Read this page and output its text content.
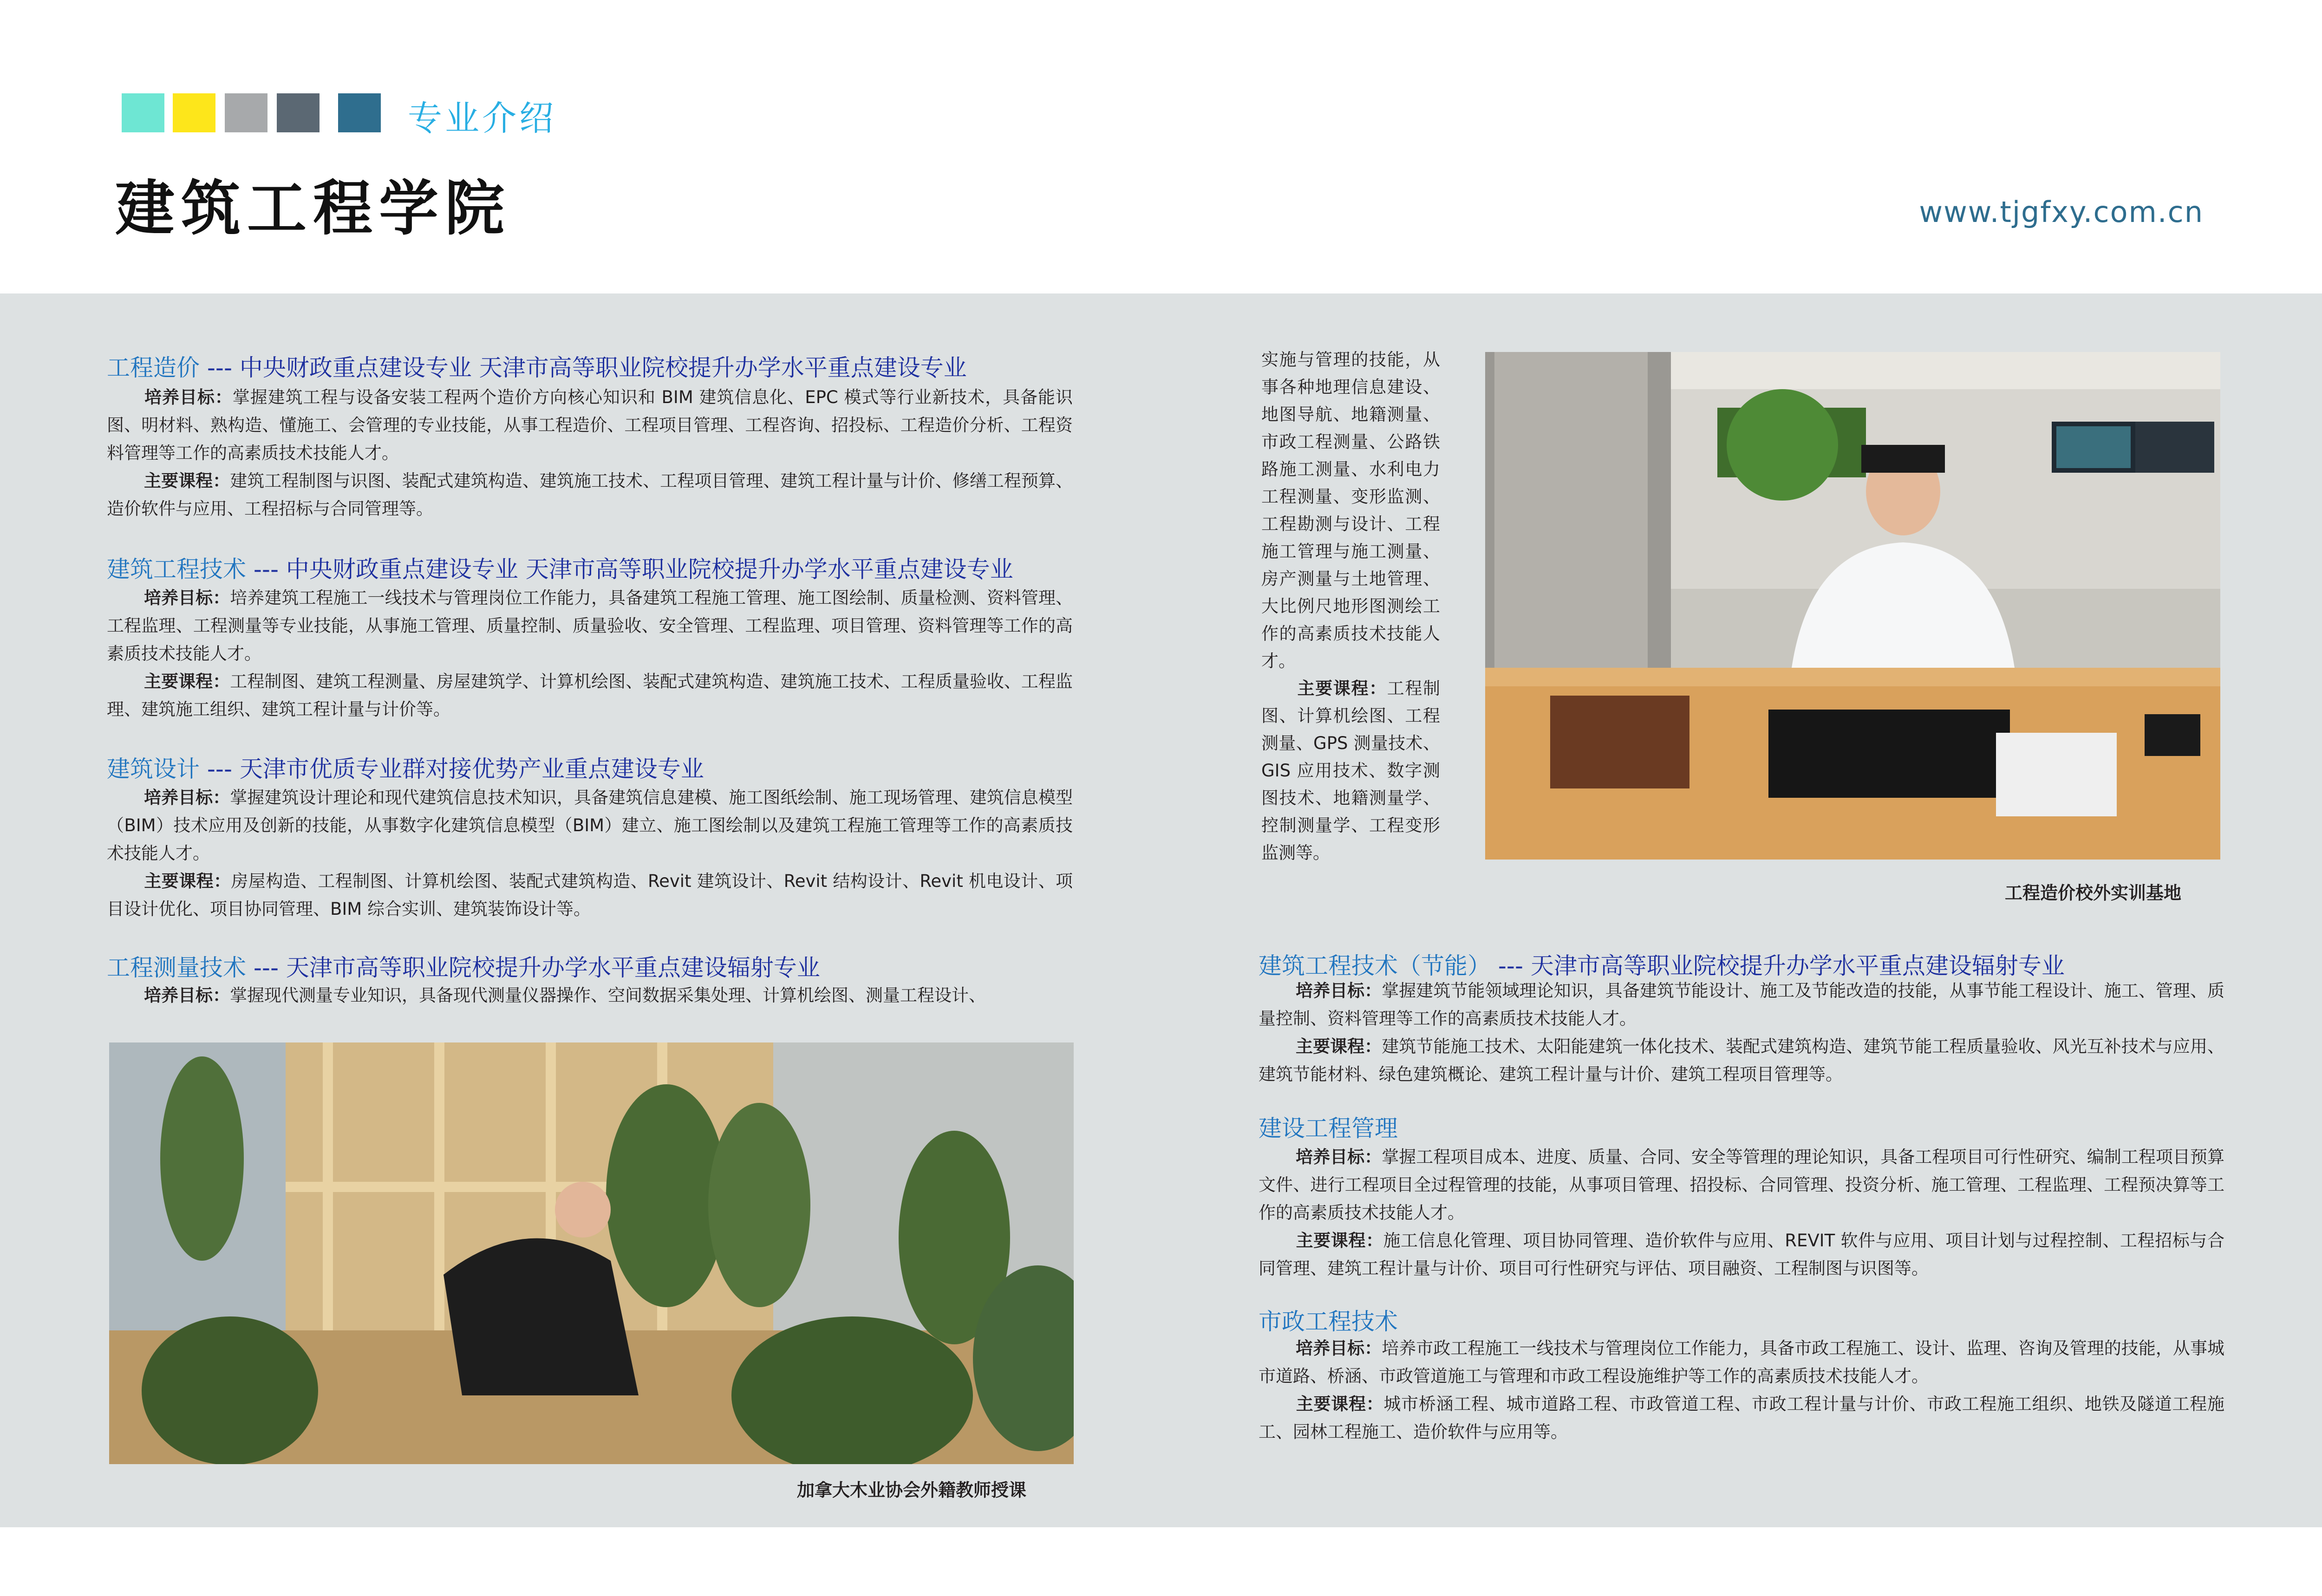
专业介绍
建筑工程学院	www.tjgfxy.com.cn
工程造价 --- 中央财政重点建设专业 天津市高等职业院校提升办学水平重点建设专业
培养目标：掌握建筑工程与设备安装工程两个造价方向核心知识和 BIM 建筑信息化、EPC 模式等行业新技术，具备能识图、明材料、熟构造、懂施工、会管理的专业技能，从事工程造价、工程项目管理、工程咨询、招投标、工程造价分析、工程资料管理等工作的高素质技术技能人才。
主要课程：建筑工程制图与识图、装配式建筑构造、建筑施工技术、工程项目管理、建筑工程计量与计价、修缮工程预算、造价软件与应用、工程招标与合同管理等。
建筑工程技术 --- 中央财政重点建设专业 天津市高等职业院校提升办学水平重点建设专业
培养目标：培养建筑工程施工一线技术与管理岗位工作能力，具备建筑工程施工管理、施工图绘制、质量检测、资料管理、工程监理、工程测量等专业技能，从事施工管理、质量控制、质量验收、安全管理、工程监理、项目管理、资料管理等工作的高素质技术技能人才。
主要课程：工程制图、建筑工程测量、房屋建筑学、计算机绘图、装配式建筑构造、建筑施工技术、工程质量验收、工程监理、建筑施工组织、建筑工程计量与计价等。
建筑设计 --- 天津市优质专业群对接优势产业重点建设专业
培养目标：掌握建筑设计理论和现代建筑信息技术知识，具备建筑信息建模、施工图纸绘制、施工现场管理、建筑信息模型（BIM）技术应用及创新的技能，从事数字化建筑信息模型（BIM）建立、施工图绘制以及建筑工程施工管理等工作的高素质技术技能人才。
主要课程：房屋构造、工程制图、计算机绘图、装配式建筑构造、Revit 建筑设计、Revit 结构设计、Revit 机电设计、项目设计优化、项目协同管理、BIM 综合实训、建筑装饰设计等。
工程测量技术 --- 天津市高等职业院校提升办学水平重点建设辐射专业
培养目标：掌握现代测量专业知识，具备现代测量仪器操作、空间数据采集处理、计算机绘图、测量工程设计、
实施与管理的技能，从事各种地理信息建设、地图导航、地籍测量、市政工程测量、公路铁路施工测量、水利电力工程测量、变形监测、工程勘测与设计、工程施工管理与施工测量、房产测量与土地管理、大比例尺地形图测绘工作的高素质技术技能人才。
主要课程：工程制图、计算机绘图、工程测量、GPS 测量技术、GIS 应用技术、数字测图技术、地籍测量学、控制测量学、工程变形监测等。
工程造价校外实训基地
建筑工程技术（节能） --- 天津市高等职业院校提升办学水平重点建设辐射专业
培养目标：掌握建筑节能领域理论知识，具备建筑节能设计、施工及节能改造的技能，从事节能工程设计、施工、管理、质量控制、资料管理等工作的高素质技术技能人才。
主要课程：建筑节能施工技术、太阳能建筑一体化技术、装配式建筑构造、建筑节能工程质量验收、风光互补技术与应用、建筑节能材料、绿色建筑概论、建筑工程计量与计价、建筑工程项目管理等。
建设工程管理
培养目标：掌握工程项目成本、进度、质量、合同、安全等管理的理论知识，具备工程项目可行性研究、编制工程项目预算文件、进行工程项目全过程管理的技能，从事项目管理、招投标、合同管理、投资分析、施工管理、工程监理、工程预决算等工作的高素质技术技能人才。
主要课程：施工信息化管理、项目协同管理、造价软件与应用、REVIT 软件与应用、项目计划与过程控制、工程招标与合同管理、建筑工程计量与计价、项目可行性研究与评估、项目融资、工程制图与识图等。
市政工程技术
培养目标：培养市政工程施工一线技术与管理岗位工作能力，具备市政工程施工、设计、监理、咨询及管理的技能，从事城市道路、桥涵、市政管道施工与管理和市政工程设施维护等工作的高素质技术技能人才。
主要课程：城市桥涵工程、城市道路工程、市政管道工程、市政工程计量与计价、市政工程施工组织、地铁及隧道工程施工、园林工程施工、造价软件与应用等。
加拿大木业协会外籍教师授课
